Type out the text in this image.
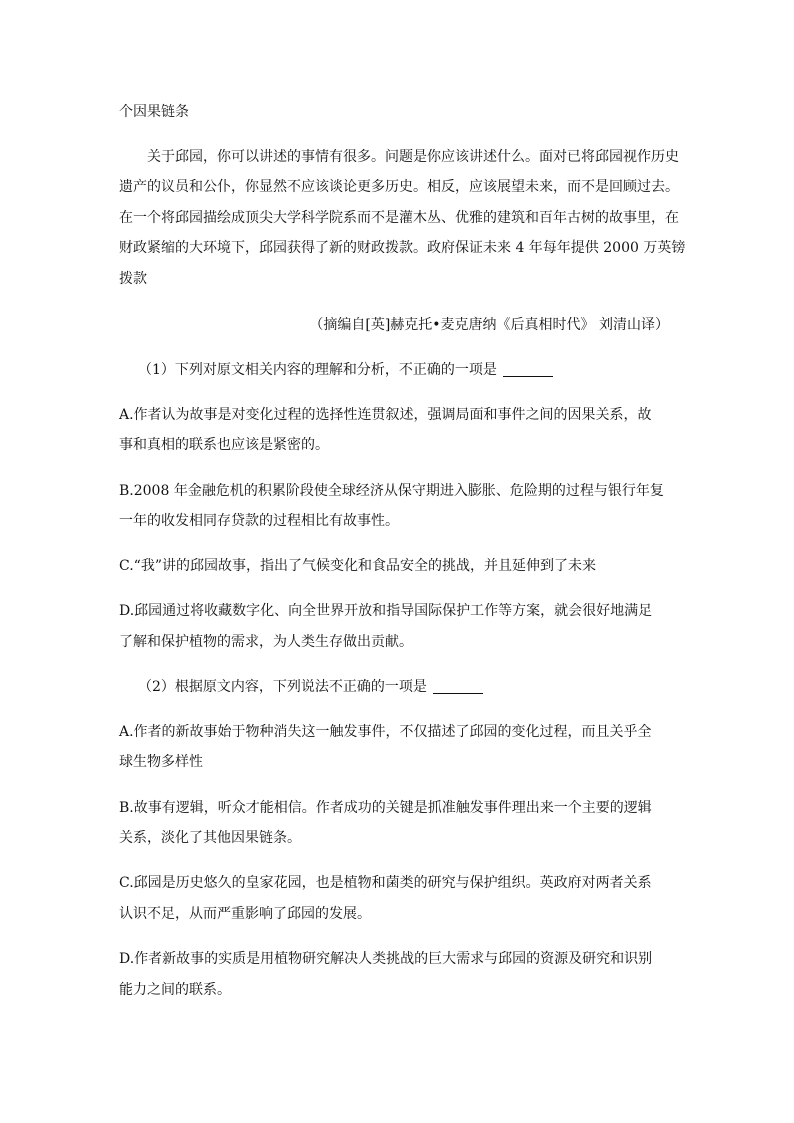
个因果链条
关于邱园，你可以讲述的事情有很多。问题是你应该讲述什么。面对已将邱园视作历史
遗产的议员和公仆，你显然不应该谈论更多历史。相反，应该展望未来，而不是回顾过去。
在一个将邱园描绘成顶尖大学科学院系而不是灌木丛、优雅的建筑和百年古树的故事里，在
财政紧缩的大环境下，邱园获得了新的财政拨款。政府保证未来 4 年每年提供 2000 万英镑
拨款
（摘编自[英]赫克托•麦克唐纳《后真相时代》 刘清山译）
（1）下列对原文相关内容的理解和分析，不正确的一项是
A.作者认为故事是对变化过程的选择性连贯叙述，强调局面和事件之间的因果关系，故
事和真相的联系也应该是紧密的。
B.2008 年金融危机的积累阶段使全球经济从保守期进入膨胀、危险期的过程与银行年复
一年的收发相同存贷款的过程相比有故事性。
C.“我”讲的邱园故事，指出了气候变化和食品安全的挑战，并且延伸到了未来
D.邱园通过将收藏数字化、向全世界开放和指导国际保护工作等方案，就会很好地满足
了解和保护植物的需求，为人类生存做出贡献。
（2）根据原文内容，下列说法不正确的一项是
A.作者的新故事始于物种消失这一触发事件，不仅描述了邱园的变化过程，而且关乎全
球生物多样性
B.故事有逻辑，听众才能相信。作者成功的关键是抓准触发事件理出来一个主要的逻辑
关系，淡化了其他因果链条。
C.邱园是历史悠久的皇家花园，也是植物和菌类的研究与保护组织。英政府对两者关系
认识不足，从而严重影响了邱园的发展。
D.作者新故事的实质是用植物研究解决人类挑战的巨大需求与邱园的资源及研究和识别
能力之间的联系。
